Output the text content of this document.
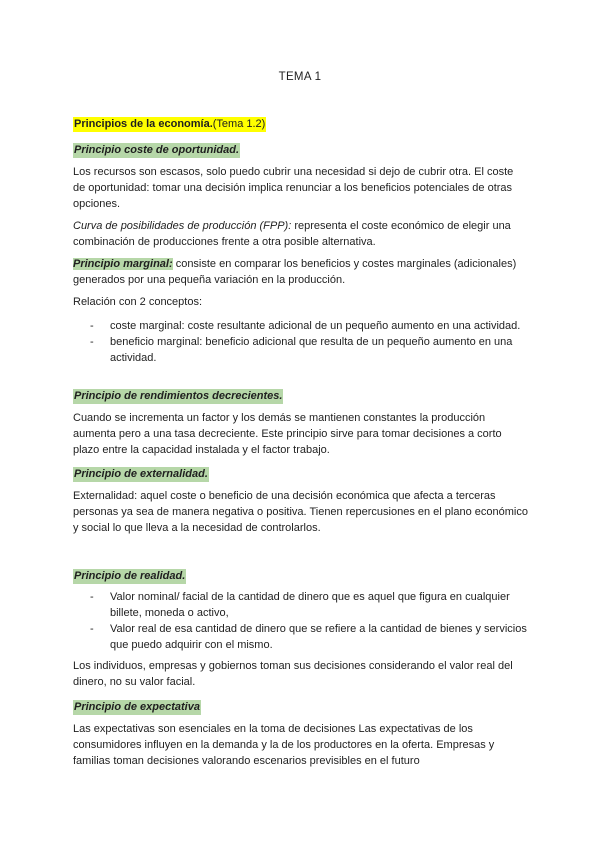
TEMA 1
Principios de la economía.(Tema 1.2)
Principio coste de oportunidad.

Los recursos son escasos, solo puedo cubrir una necesidad si dejo de cubrir otra. El coste de oportunidad: tomar una decisión implica renunciar a los beneficios potenciales de otras opciones.

Curva de posibilidades de producción (FPP): representa el coste económico de elegir una combinación de producciones frente a otra posible alternativa.

Principio marginal: consiste en comparar los beneficios y costes marginales (adicionales) generados por una pequeña variación en la producción.

Relación con 2 conceptos:

- coste marginal: coste resultante adicional de un pequeño aumento en una actividad.
- beneficio marginal: beneficio adicional que resulta de un pequeño aumento en una actividad.
Principio de rendimientos decrecientes.

Cuando se incrementa un factor y los demás se mantienen constantes la producción aumenta pero a una tasa decreciente. Este principio sirve para tomar decisiones a corto plazo entre la capacidad instalada y el factor trabajo.

Principio de externalidad.

Externalidad: aquel coste o beneficio de una decisión económica que afecta a terceras personas ya sea de manera negativa o positiva. Tienen repercusiones en el plano económico y social lo que lleva a la necesidad de controlarlos.

Principio de realidad.
- Valor nominal/ facial de la cantidad de dinero que es aquel que figura en cualquier billete, moneda o activo,
- Valor real de esa cantidad de dinero que se refiere a la cantidad de bienes y servicios que puedo adquirir con el mismo.

Los individuos, empresas y gobiernos toman sus decisiones considerando el valor real del dinero, no su valor facial.

Principio de expectativa

Las expectativas son esenciales en la toma de decisiones Las expectativas de los consumidores influyen en la demanda y la de los productores en la oferta. Empresas y familias toman decisiones valorando escenarios previsibles en el futuro
